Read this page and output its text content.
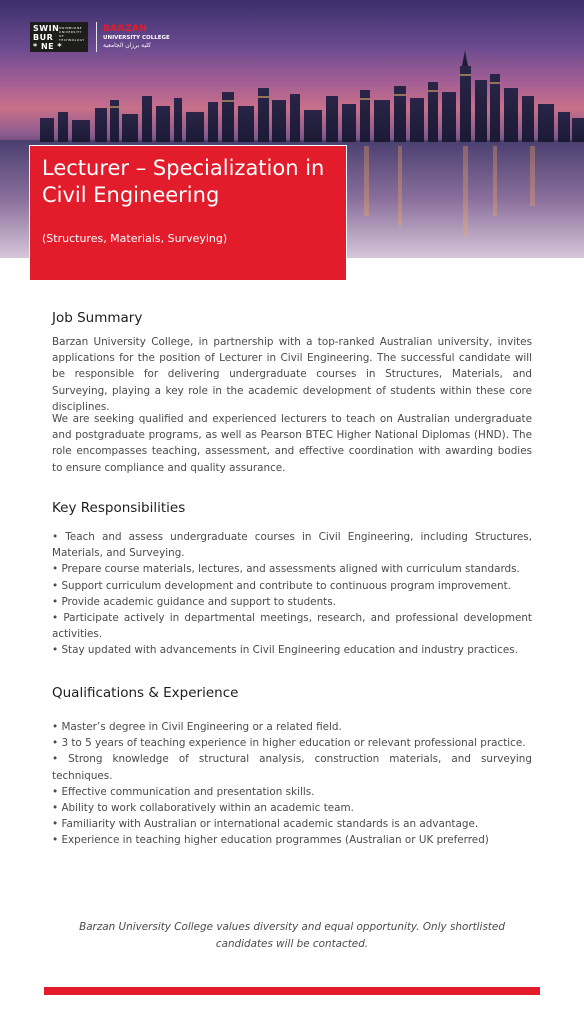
SWIN
BUR
* NE *
SWINBURNE UNIVERSITY OF TECHNOLOGY
BARZAN
UNIVERSITY COLLEGE
كلية برزان الجامعية
Lecturer – Specialization in Civil Engineering
(Structures, Materials, Surveying)
Job Summary

Barzan University College, in partnership with a top-ranked Australian university, invites applications for the position of Lecturer in Civil Engineering. The successful candidate will be responsible for delivering undergraduate courses in Structures, Materials, and Surveying, playing a key role in the academic development of students within these core disciplines.

We are seeking qualified and experienced lecturers to teach on Australian undergraduate and postgraduate programs, as well as Pearson BTEC Higher National Diplomas (HND). The role encompasses teaching, assessment, and effective coordination with awarding bodies to ensure compliance and quality assurance.

Key Responsibilities
• Teach and assess undergraduate courses in Civil Engineering, including Structures, Materials, and Surveying.
• Prepare course materials, lectures, and assessments aligned with curriculum standards.
• Support curriculum development and contribute to continuous program improvement.
• Provide academic guidance and support to students.
• Participate actively in departmental meetings, research, and professional development activities.
• Stay updated with advancements in Civil Engineering education and industry practices.
Qualifications & Experience
• Master’s degree in Civil Engineering or a related field.
• 3 to 5 years of teaching experience in higher education or relevant professional practice.
• Strong knowledge of structural analysis, construction materials, and surveying techniques.
• Effective communication and presentation skills.
• Ability to work collaboratively within an academic team.
• Familiarity with Australian or international academic standards is an advantage.
• Experience in teaching higher education programmes (Australian or UK preferred)

Barzan University College values diversity and equal opportunity. Only shortlisted candidates will be contacted.
